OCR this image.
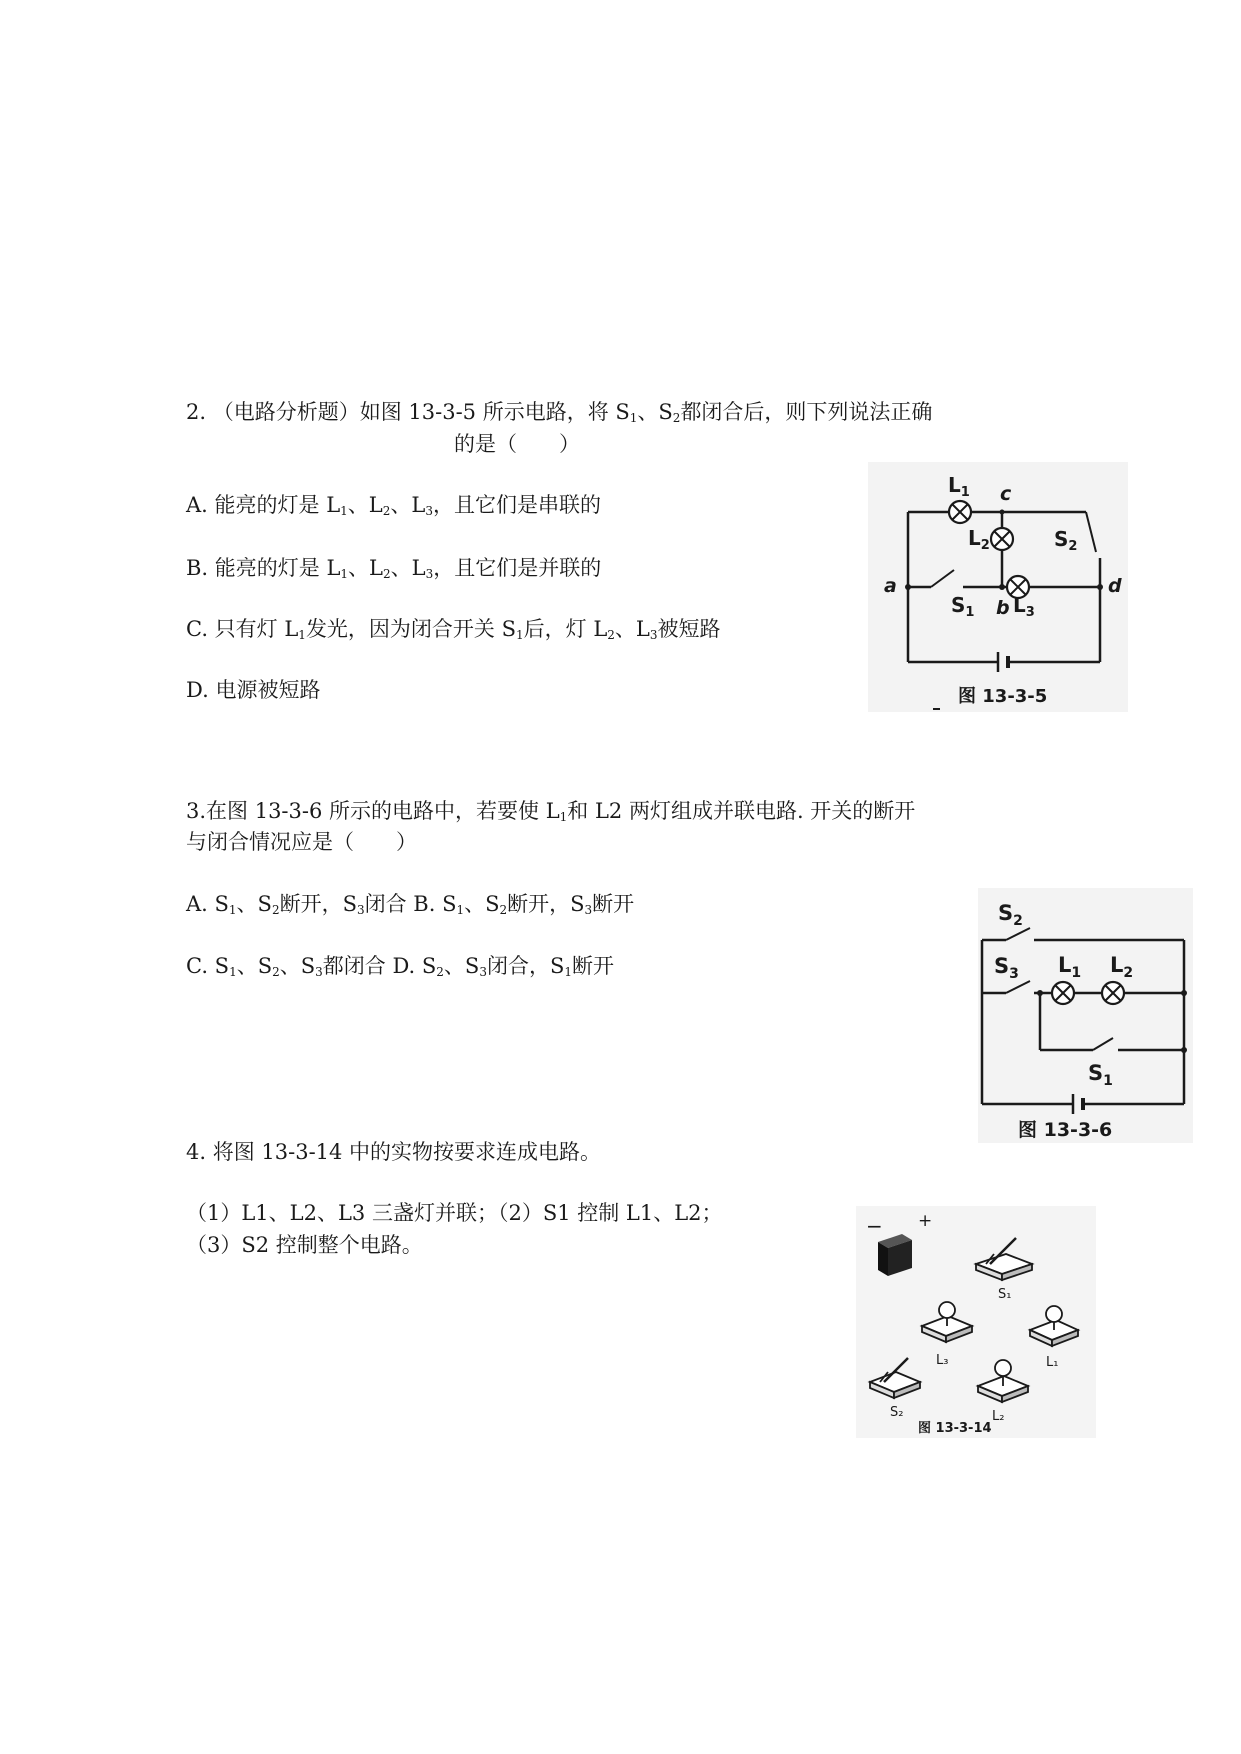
2. （电路分析题）如图 13-3-5 所示电路，将 $S_1$、$S_2$都闭合后，则下列说法正确
的是（　　）
A. 能亮的灯是 $L_1$、$L_2$、$L_3$，且它们是串联的
B. 能亮的灯是 $L_1$、$L_2$、$L_3$，且它们是并联的
C. 只有灯 $L_1$发光，因为闭合开关 $S_1$后，灯 $L_2$、$L_3$被短路
D. 电源被短路
$L_1$
$L_2$	$S_2$
$S_1$ $L_3$
a
b
c
d
图 13-3-5
3.在图 13-3-6 所示的电路中，若要使 $L_1$和 L2 两灯组成并联电路. 开关的断开
与闭合情况应是（　　）
A. $S_1$、$S_2$断开，$S_3$闭合 B. $S_1$、$S_2$断开，$S_3$断开
C. $S_1$、$S_2$、$S_3$都闭合 D. $S_2$、$S_3$闭合，$S_1$断开
$S_2$
$S_3$ $L_1$ $L_2$
$S_1$
图 13-3-6
4. 将图 13-3-14 中的实物按要求连成电路。
（1）L1、L2、L3 三盏灯并联；（2）S1 控制 L1、L2；
（3）S2 控制整个电路。
− +
S₁
L₃	L₁
S₂	L₂
图 13-3-14
